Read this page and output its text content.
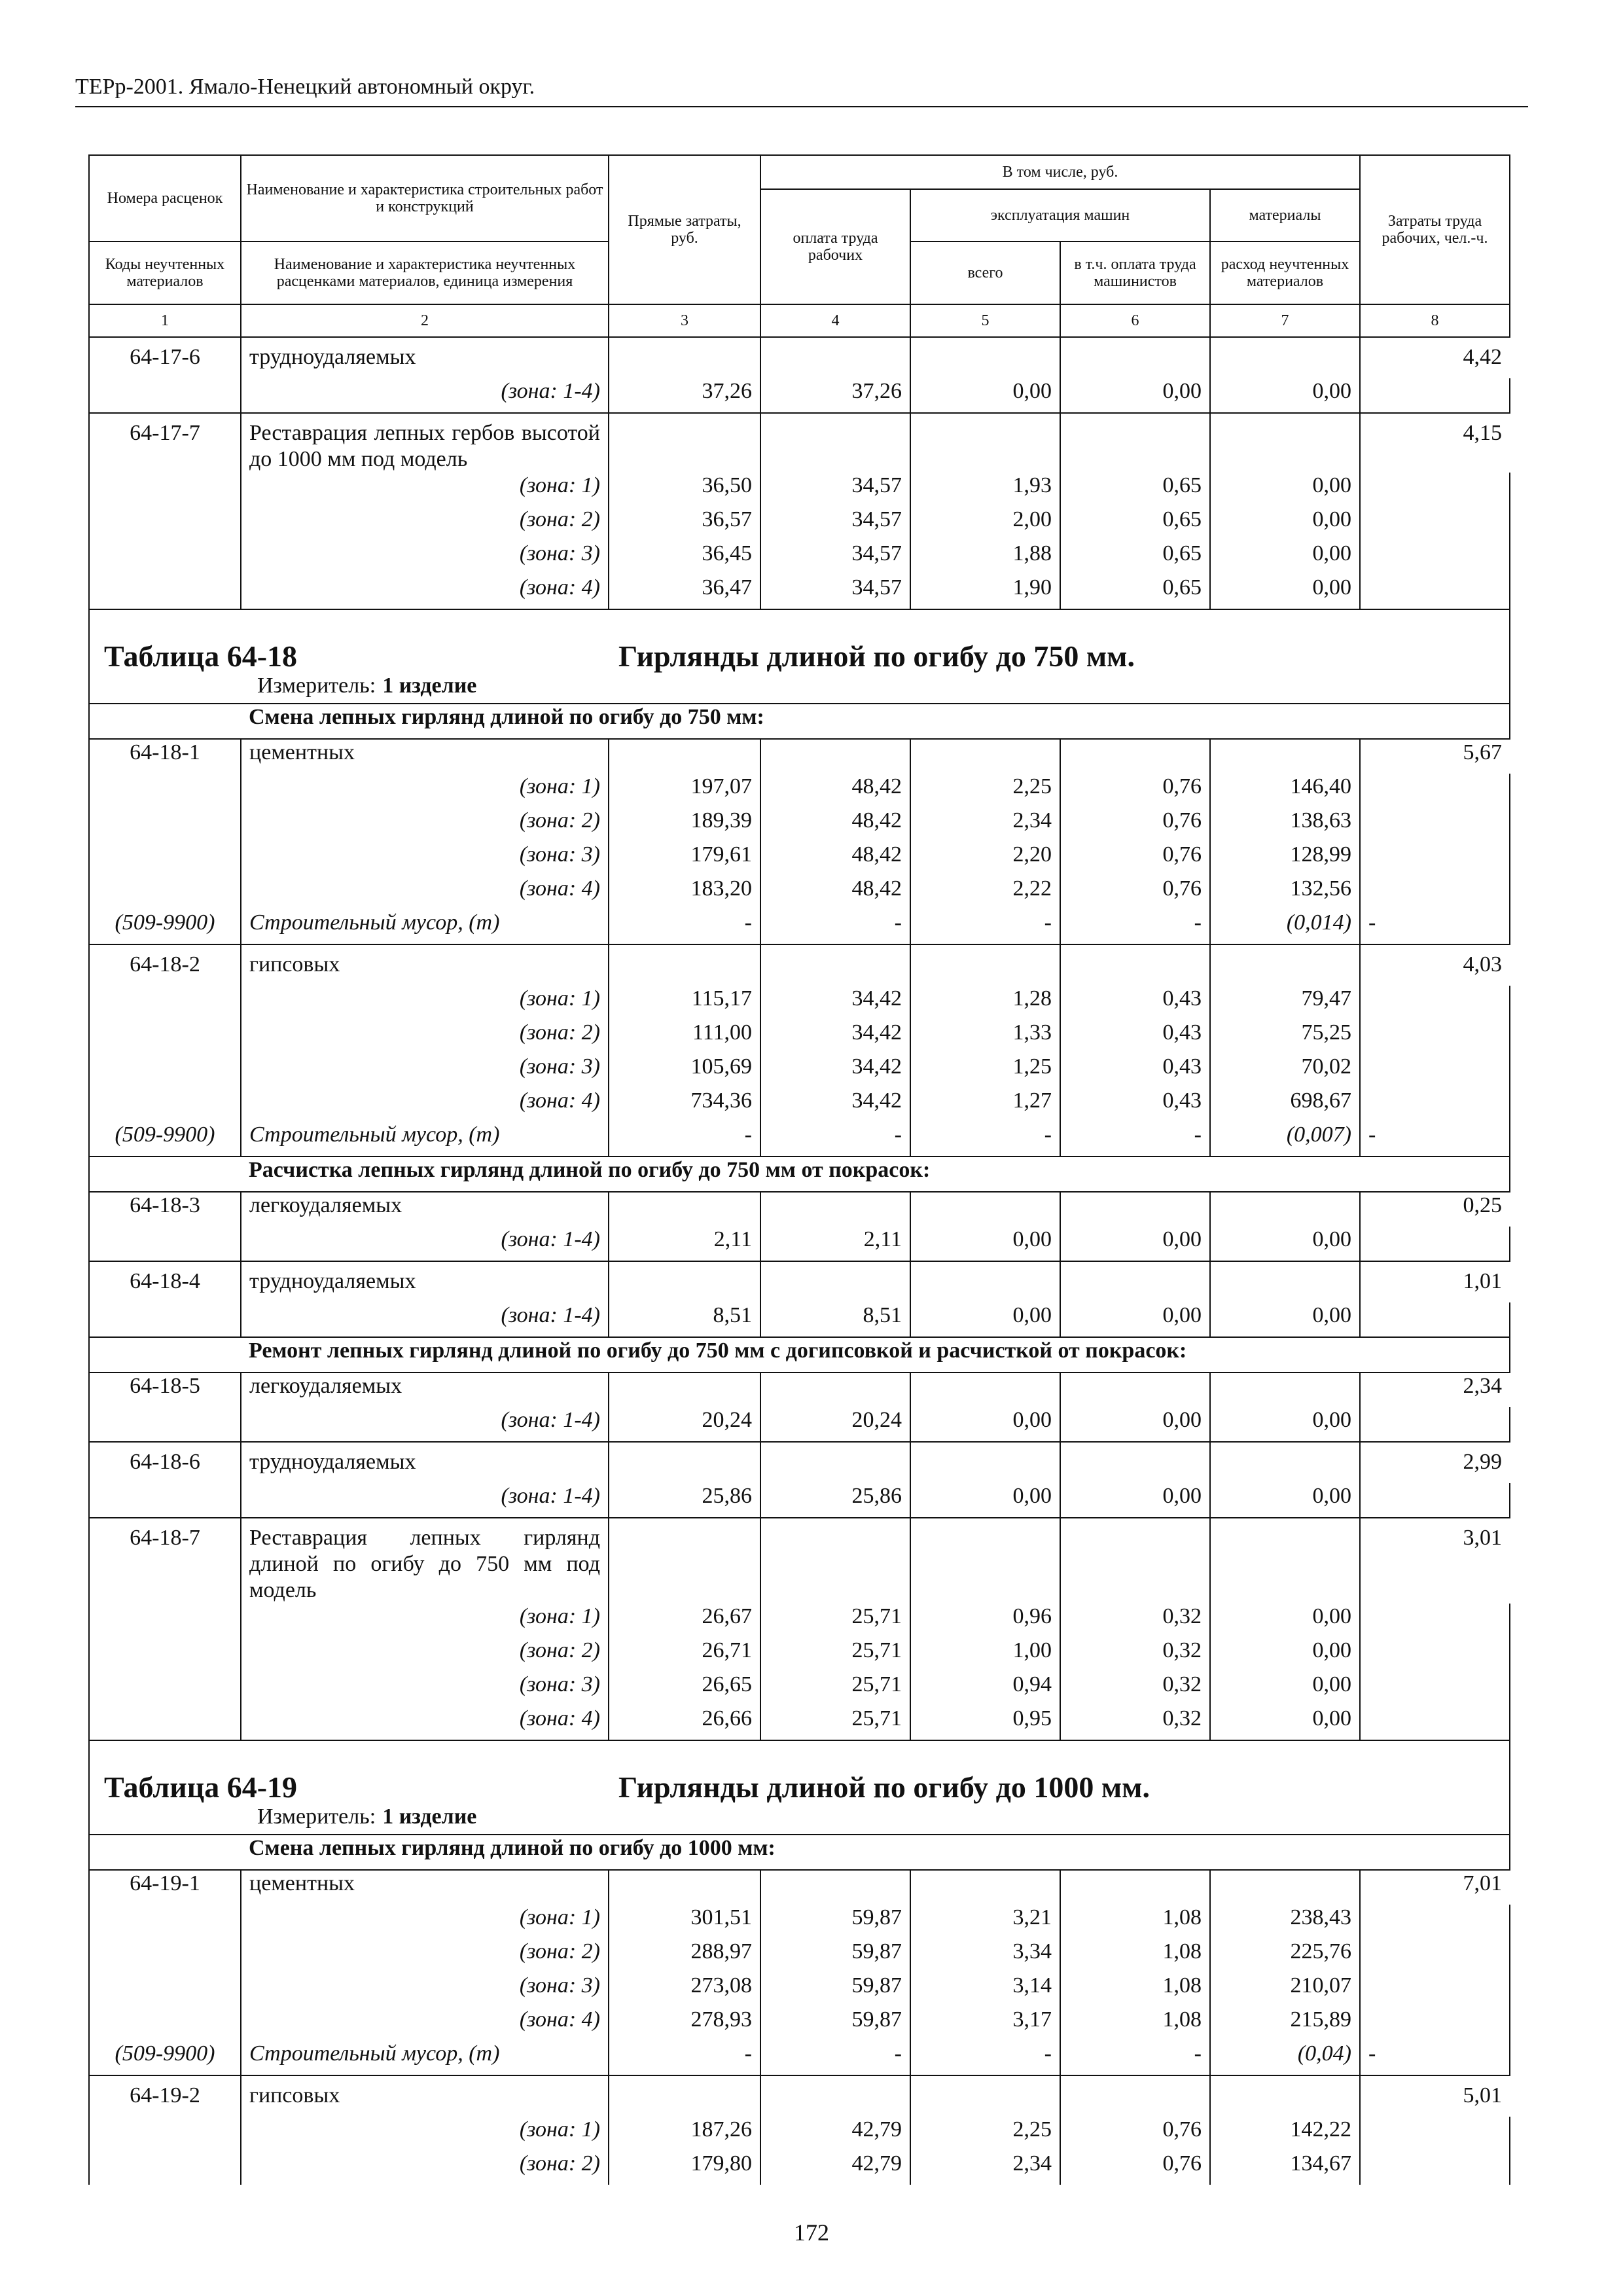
ТЕРр-2001. Ямало-Ненецкий автономный округ.
Номера расценок	Наименование и характеристика строительных работ и конструкций	Прямые затраты, руб.	В том числе, руб.				Затраты труда рабочих, чел.-ч.
			оплата труда рабочих	эксплуатация машин		материалы	
Коды неучтенных материалов	Наименование и характеристика неучтенных расценками материалов, единица измерения			всего	в т.ч. оплата труда машинистов	расход неучтенных материалов	
1	2	3	4	5	6	7	8
64-17-6	трудноудаляемых						4,42
	(зона: 1-4)	37,26	37,26	0,00	0,00	0,00	
64-17-7	Реставрация лепных гербов высотой до 1000 мм под модель						4,15
	(зона: 1)	36,50	34,57	1,93	0,65	0,00	
	(зона: 2)	36,57	34,57	2,00	0,65	0,00	
	(зона: 3)	36,45	34,57	1,88	0,65	0,00	
	(зона: 4)	36,47	34,57	1,90	0,65	0,00	
Таблица 64-18 Гирлянды длиной по огибу до 750 мм.							
Измеритель: 1 изделие							
	Смена лепных гирлянд длиной по огибу до 750 мм:						
64-18-1	цементных						5,67
	(зона: 1)	197,07	48,42	2,25	0,76	146,40	
	(зона: 2)	189,39	48,42	2,34	0,76	138,63	
	(зона: 3)	179,61	48,42	2,20	0,76	128,99	
	(зона: 4)	183,20	48,42	2,22	0,76	132,56	
(509-9900)	Строительный мусор, (т)	-	-	-	-	(0,014)	-
64-18-2	гипсовых						4,03
	(зона: 1)	115,17	34,42	1,28	0,43	79,47	
	(зона: 2)	111,00	34,42	1,33	0,43	75,25	
	(зона: 3)	105,69	34,42	1,25	0,43	70,02	
	(зона: 4)	734,36	34,42	1,27	0,43	698,67	
(509-9900)	Строительный мусор, (т)	-	-	-	-	(0,007)	-
	Расчистка лепных гирлянд длиной по огибу до 750 мм от покрасок:						
64-18-3	легкоудаляемых						0,25
	(зона: 1-4)	2,11	2,11	0,00	0,00	0,00	
64-18-4	трудноудаляемых						1,01
	(зона: 1-4)	8,51	8,51	0,00	0,00	0,00	
	Ремонт лепных гирлянд длиной по огибу до 750 мм с догипсовкой и расчисткой от покрасок:						
64-18-5	легкоудаляемых						2,34
	(зона: 1-4)	20,24	20,24	0,00	0,00	0,00	
64-18-6	трудноудаляемых						2,99
	(зона: 1-4)	25,86	25,86	0,00	0,00	0,00	
64-18-7	Реставрация лепных гирлянд длиной по огибу до 750 мм под модель						3,01
	(зона: 1)	26,67	25,71	0,96	0,32	0,00	
	(зона: 2)	26,71	25,71	1,00	0,32	0,00	
	(зона: 3)	26,65	25,71	0,94	0,32	0,00	
	(зона: 4)	26,66	25,71	0,95	0,32	0,00	
Таблица 64-19 Гирлянды длиной по огибу до 1000 мм.							
Измеритель: 1 изделие							
	Смена лепных гирлянд длиной по огибу до 1000 мм:						
64-19-1	цементных						7,01
	(зона: 1)	301,51	59,87	3,21	1,08	238,43	
	(зона: 2)	288,97	59,87	3,34	1,08	225,76	
	(зона: 3)	273,08	59,87	3,14	1,08	210,07	
	(зона: 4)	278,93	59,87	3,17	1,08	215,89	
(509-9900)	Строительный мусор, (т)	-	-	-	-	(0,04)	-
64-19-2	гипсовых						5,01
	(зона: 1)	187,26	42,79	2,25	0,76	142,22	
	(зона: 2)	179,80	42,79	2,34	0,76	134,67	
172
